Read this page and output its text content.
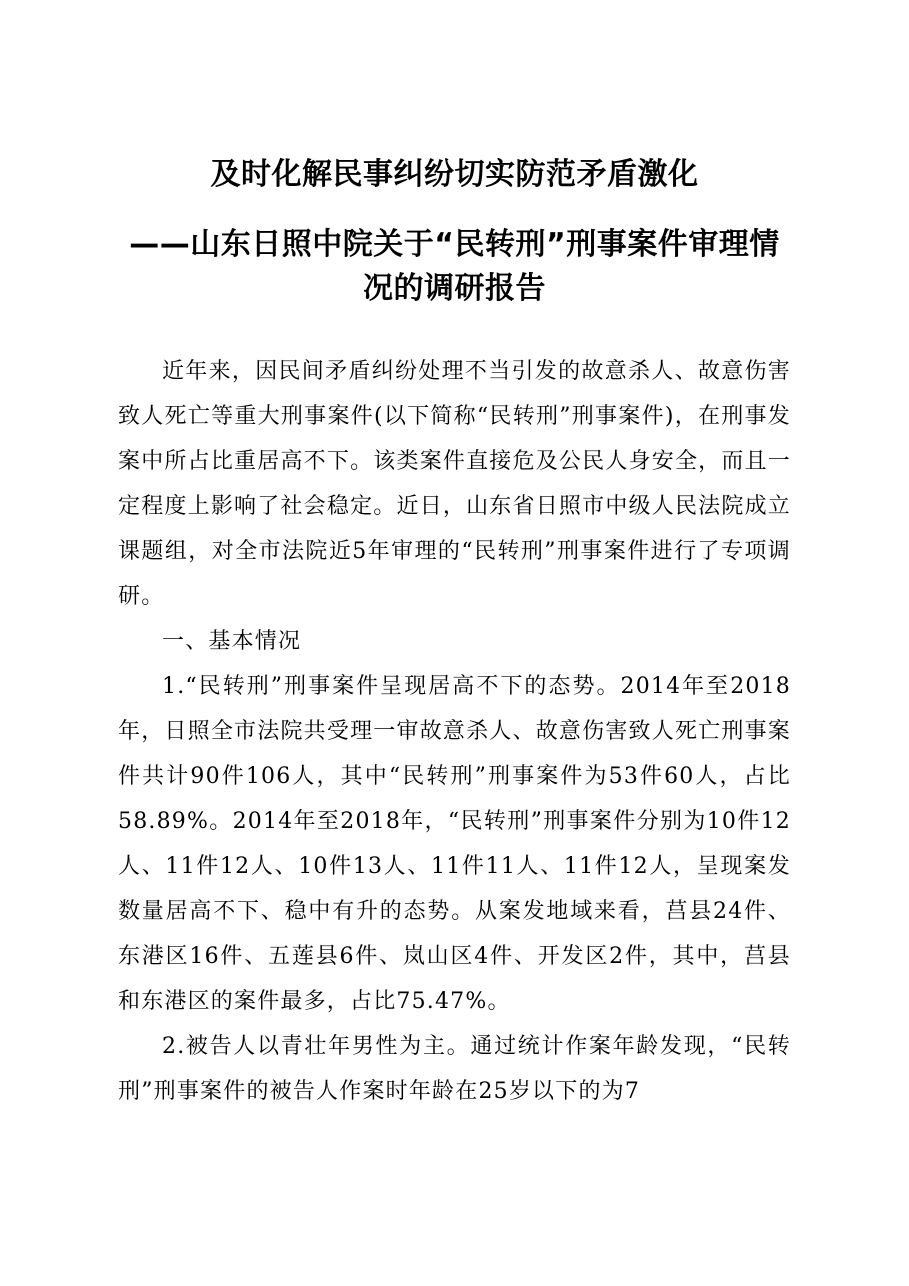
及时化解民事纠纷切实防范矛盾激化
——山东日照中院关于“民转刑”刑事案件审理情况的调研报告

近年来，因民间矛盾纠纷处理不当引发的故意杀人、故意伤害致人死亡等重大刑事案件(以下简称“民转刑”刑事案件)，在刑事发案中所占比重居高不下。该类案件直接危及公民人身安全，而且一定程度上影响了社会稳定。近日，山东省日照市中级人民法院成立课题组，对全市法院近5年审理的“民转刑”刑事案件进行了专项调研。

一、基本情况

1.“民转刑”刑事案件呈现居高不下的态势。2014年至2018年，日照全市法院共受理一审故意杀人、故意伤害致人死亡刑事案件共计90件106人，其中“民转刑”刑事案件为53件60人，占比58.89%。2014年至2018年，“民转刑”刑事案件分别为10件12人、11件12人、10件13人、11件11人、11件12人，呈现案发数量居高不下、稳中有升的态势。从案发地域来看，莒县24件、东港区16件、五莲县6件、岚山区4件、开发区2件，其中，莒县和东港区的案件最多，占比75.47%。

2.被告人以青壮年男性为主。通过统计作案年龄发现，“民转刑”刑事案件的被告人作案时年龄在25岁以下的为7
